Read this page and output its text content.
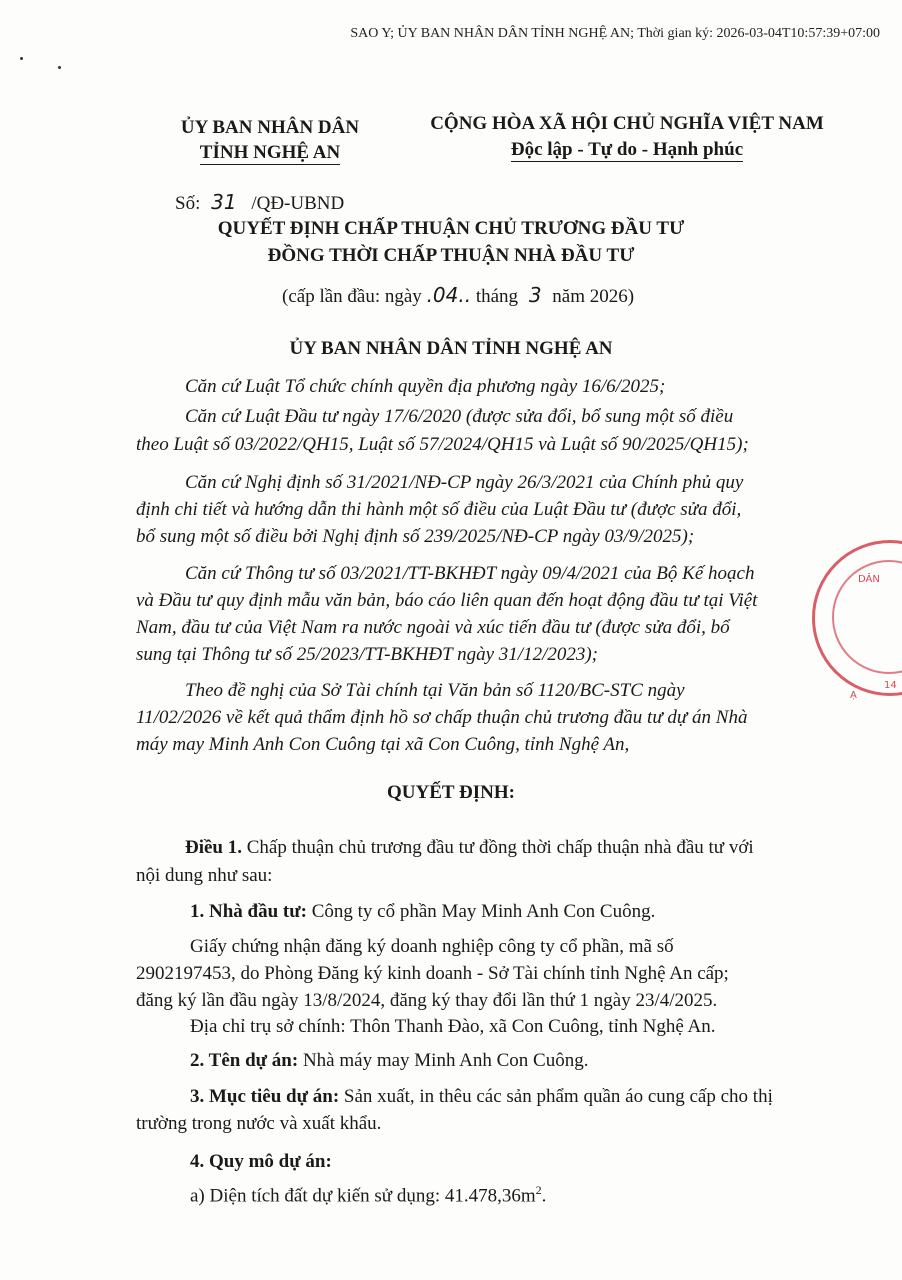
SAO Y; ỦY BAN NHÂN DÂN TỈNH NGHỆ AN; Thời gian ký: 2026-03-04T10:57:39+07:00
ỦY BAN NHÂN DÂN
TỈNH NGHỆ AN
CỘNG HÒA XÃ HỘI CHỦ NGHĨA VIỆT NAM
Độc lập - Tự do - Hạnh phúc
Số: 31 /QĐ-UBND
QUYẾT ĐỊNH CHẤP THUẬN CHỦ TRƯƠNG ĐẦU TƯ
ĐỒNG THỜI CHẤP THUẬN NHÀ ĐẦU TƯ
(cấp lần đầu: ngày .04.. tháng 3 năm 2026)
ỦY BAN NHÂN DÂN TỈNH NGHỆ AN
Căn cứ Luật Tổ chức chính quyền địa phương ngày 16/6/2025;
Căn cứ Luật Đầu tư ngày 17/6/2020 (được sửa đổi, bổ sung một số điều
theo Luật số 03/2022/QH15, Luật số 57/2024/QH15 và Luật số 90/2025/QH15);
Căn cứ Nghị định số 31/2021/NĐ-CP ngày 26/3/2021 của Chính phủ quy
định chi tiết và hướng dẫn thi hành một số điều của Luật Đầu tư (được sửa đổi,
bổ sung một số điều bởi Nghị định số 239/2025/NĐ-CP ngày 03/9/2025);
Căn cứ Thông tư số 03/2021/TT-BKHĐT ngày 09/4/2021 của Bộ Kế hoạch
và Đầu tư quy định mẫu văn bản, báo cáo liên quan đến hoạt động đầu tư tại Việt
Nam, đầu tư của Việt Nam ra nước ngoài và xúc tiến đầu tư (được sửa đổi, bổ
sung tại Thông tư số 25/2023/TT-BKHĐT ngày 31/12/2023);
Theo đề nghị của Sở Tài chính tại Văn bản số 1120/BC-STC ngày
11/02/2026 về kết quả thẩm định hồ sơ chấp thuận chủ trương đầu tư dự án Nhà
máy may Minh Anh Con Cuông tại xã Con Cuông, tỉnh Nghệ An,
DÂN
14
Ạ
QUYẾT ĐỊNH:
Điều 1. Chấp thuận chủ trương đầu tư đồng thời chấp thuận nhà đầu tư với
nội dung như sau:
1. Nhà đầu tư: Công ty cổ phần May Minh Anh Con Cuông.
Giấy chứng nhận đăng ký doanh nghiệp công ty cổ phần, mã số
2902197453, do Phòng Đăng ký kinh doanh - Sở Tài chính tỉnh Nghệ An cấp;
đăng ký lần đầu ngày 13/8/2024, đăng ký thay đổi lần thứ 1 ngày 23/4/2025.
Địa chỉ trụ sở chính: Thôn Thanh Đào, xã Con Cuông, tỉnh Nghệ An.
2. Tên dự án: Nhà máy may Minh Anh Con Cuông.
3. Mục tiêu dự án: Sản xuất, in thêu các sản phẩm quần áo cung cấp cho thị
trường trong nước và xuất khẩu.
4. Quy mô dự án:
a) Diện tích đất dự kiến sử dụng: $41.478,36m^2$.
